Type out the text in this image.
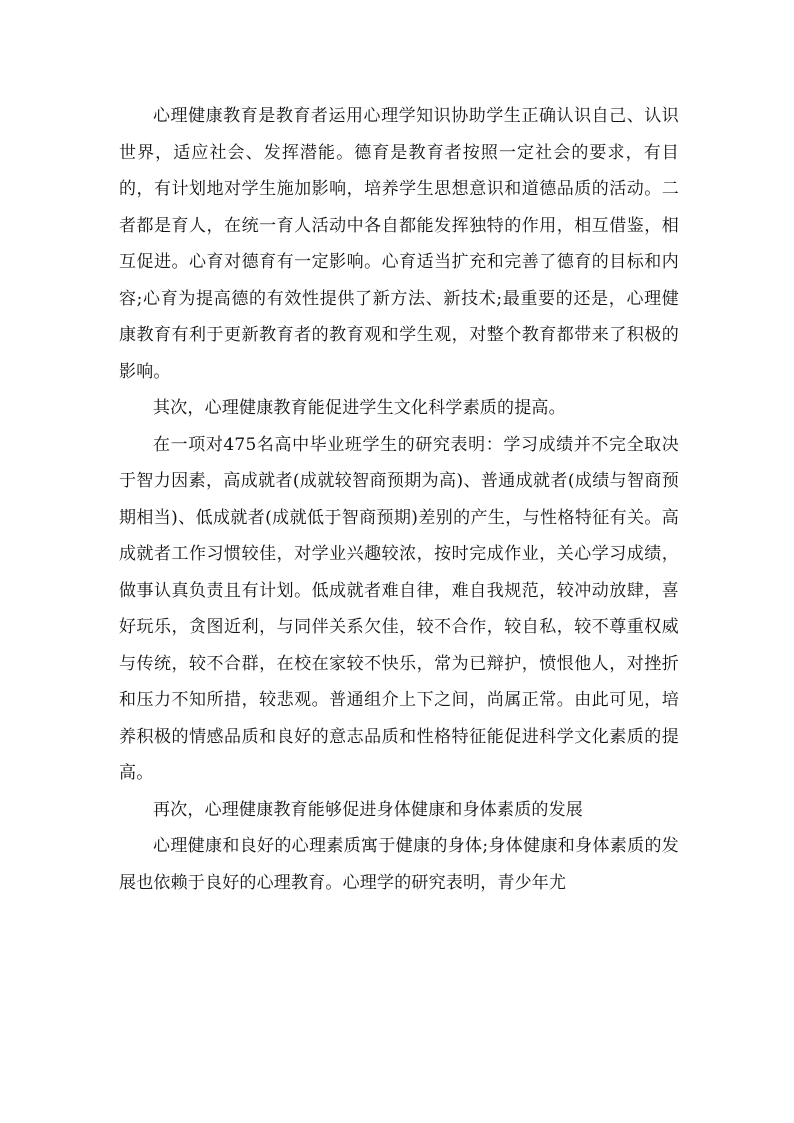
心理健康教育是教育者运用心理学知识协助学生正确认识自己、认识世界，适应社会、发挥潜能。德育是教育者按照一定社会的要求，有目的，有计划地对学生施加影响，培养学生思想意识和道德品质的活动。二者都是育人，在统一育人活动中各自都能发挥独特的作用，相互借鉴，相互促进。心育对德育有一定影响。心育适当扩充和完善了德育的目标和内容;心育为提高德的有效性提供了新方法、新技术;最重要的还是，心理健康教育有利于更新教育者的教育观和学生观，对整个教育都带来了积极的影响。

其次，心理健康教育能促进学生文化科学素质的提高。

在一项对475名高中毕业班学生的研究表明：学习成绩并不完全取决于智力因素，高成就者(成就较智商预期为高)、普通成就者(成绩与智商预期相当)、低成就者(成就低于智商预期)差别的产生，与性格特征有关。高成就者工作习惯较佳，对学业兴趣较浓，按时完成作业，关心学习成绩，做事认真负责且有计划。低成就者难自律，难自我规范，较冲动放肆，喜好玩乐，贪图近利，与同伴关系欠佳，较不合作，较自私，较不尊重权威与传统，较不合群，在校在家较不快乐，常为已辩护，愤恨他人，对挫折和压力不知所措，较悲观。普通组介上下之间，尚属正常。由此可见，培养积极的情感品质和良好的意志品质和性格特征能促进科学文化素质的提高。

再次，心理健康教育能够促进身体健康和身体素质的发展

心理健康和良好的心理素质寓于健康的身体;身体健康和身体素质的发展也依赖于良好的心理教育。心理学的研究表明，青少年尤
